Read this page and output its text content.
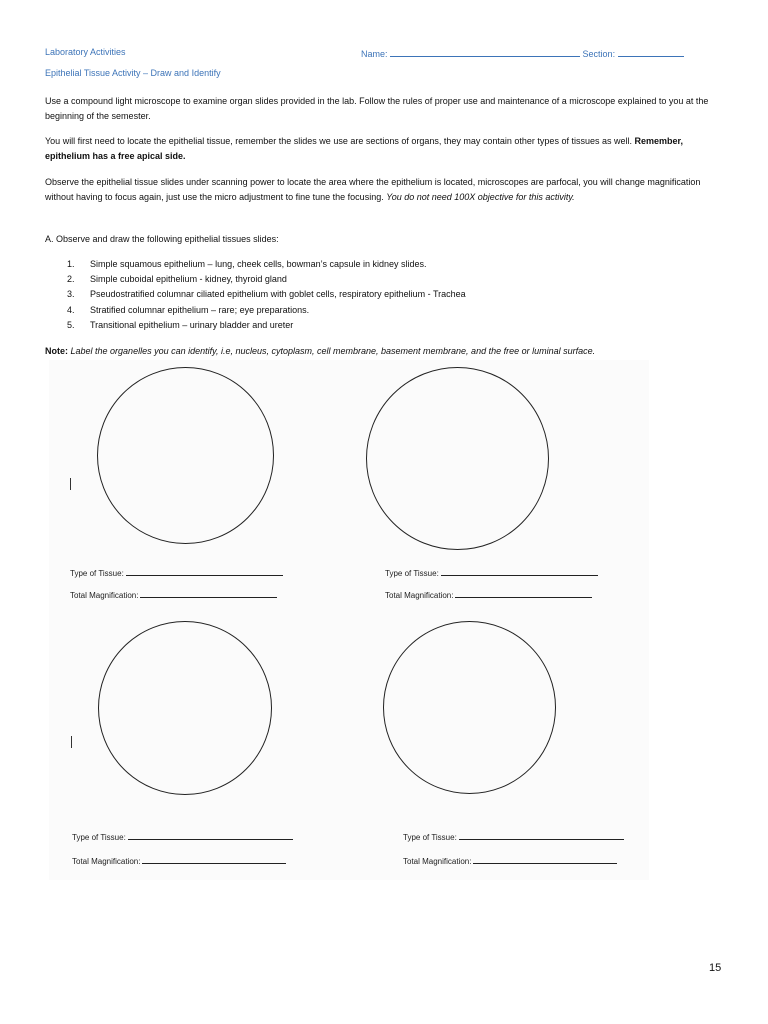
Laboratory Activities
Epithelial Tissue Activity – Draw and Identify
Name:	Section:

Use a compound light microscope to examine organ slides provided in the lab. Follow the rules of proper use and maintenance of a microscope explained to you at the beginning of the semester.

You will first need to locate the epithelial tissue, remember the slides we use are sections of organs, they may contain other types of tissues as well. Remember, epithelium has a free apical side.

Observe the epithelial tissue slides under scanning power to locate the area where the epithelium is located, microscopes are parfocal, you will change magnification without having to focus again, just use the micro adjustment to fine tune the focusing. You do not need 100X objective for this activity.

A. Observe and draw the following epithelial tissues slides:

1. Simple squamous epithelium – lung, cheek cells, bowman’s capsule in kidney slides.
2. Simple cuboidal epithelium - kidney, thyroid gland
3. Pseudostratified columnar ciliated epithelium with goblet cells, respiratory epithelium - Trachea
4. Stratified columnar epithelium – rare; eye preparations.
5. Transitional epithelium – urinary bladder and ureter
Note: Label the organelles you can identify, i.e, nucleus, cytoplasm, cell membrane, basement membrane, and the free or luminal surface.
Type of Tissue:
Total Magnification:
Type of Tissue:
Total Magnification:
Type of Tissue:
Total Magnification:
Type of Tissue:
Total Magnification:
15
